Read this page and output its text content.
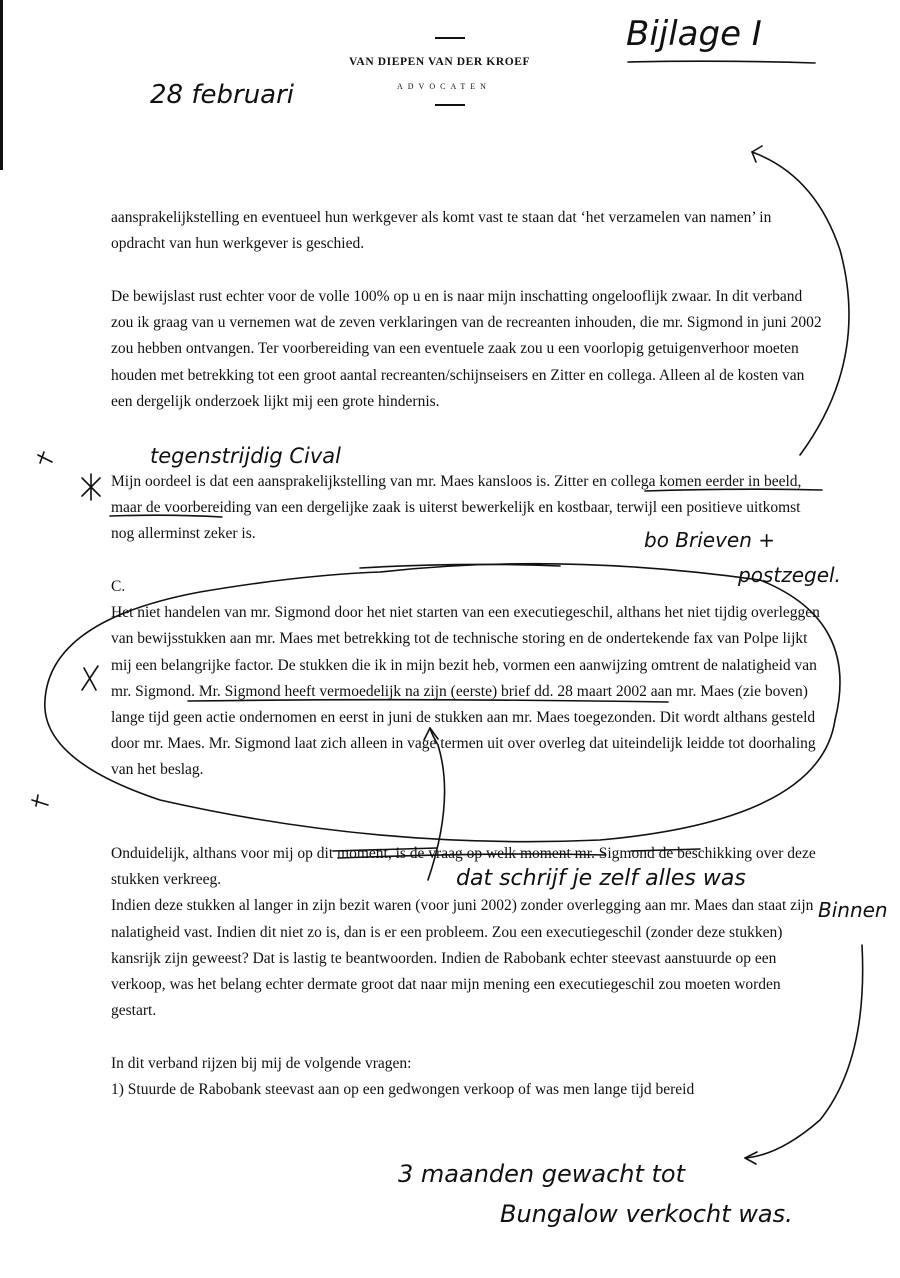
VAN DIEPEN VAN DER KROEF
ADVOCATEN

aansprakelijkstelling en eventueel hun werkgever als komt vast te staan dat ‘het verzamelen van namen’ in opdracht van hun werkgever is geschied.

De bewijslast rust echter voor de volle 100% op u en is naar mijn inschatting ongelooflijk zwaar. In dit verband zou ik graag van u vernemen wat de zeven verklaringen van de recreanten inhouden, die mr. Sigmond in juni 2002 zou hebben ontvangen. Ter voorbereiding van een eventuele zaak zou u een voorlopig getuigenverhoor moeten houden met betrekking tot een groot aantal recreanten/schijnseisers en Zitter en collega. Alleen al de kosten van een dergelijk onderzoek lijkt mij een grote hindernis.

Mijn oordeel is dat een aansprakelijkstelling van mr. Maes kansloos is. Zitter en collega komen eerder in beeld, maar de voorbereiding van een dergelijke zaak is uiterst bewerkelijk en kostbaar, terwijl een positieve uitkomst nog allerminst zeker is.

C.

Het niet handelen van mr. Sigmond door het niet starten van een executiegeschil, althans het niet tijdig overleggen van bewijsstukken aan mr. Maes met betrekking tot de technische storing en de ondertekende fax van Polpe lijkt mij een belangrijke factor. De stukken die ik in mijn bezit heb, vormen een aanwijzing omtrent de nalatigheid van mr. Sigmond. Mr. Sigmond heeft vermoedelijk na zijn (eerste) brief dd. 28 maart 2002 aan mr. Maes (zie boven) lange tijd geen actie ondernomen en eerst in juni de stukken aan mr. Maes toegezonden. Dit wordt althans gesteld door mr. Maes. Mr. Sigmond laat zich alleen in vage termen uit over overleg dat uiteindelijk leidde tot doorhaling van het beslag.

Onduidelijk, althans voor mij op dit moment, is de vraag op welk moment mr. Sigmond de beschikking over deze stukken verkreeg.

Indien deze stukken al langer in zijn bezit waren (voor juni 2002) zonder overlegging aan mr. Maes dan staat zijn nalatigheid vast. Indien dit niet zo is, dan is er een probleem. Zou een executiegeschil (zonder deze stukken) kansrijk zijn geweest? Dat is lastig te beantwoorden. Indien de Rabobank echter steevast aanstuurde op een verkoop, was het belang echter dermate groot dat naar mijn mening een executiegeschil zou moeten worden gestart.

In dit verband rijzen bij mij de volgende vragen:

1) Stuurde de Rabobank steevast aan op een gedwongen verkoop of was men lange tijd bereid

Bijlage I
28 februari
tegenstrijdig Cival
bo Brieven +
postzegel.
dat schrijf je zelf alles was
Binnen
3 maanden gewacht tot
Bungalow verkocht was.
